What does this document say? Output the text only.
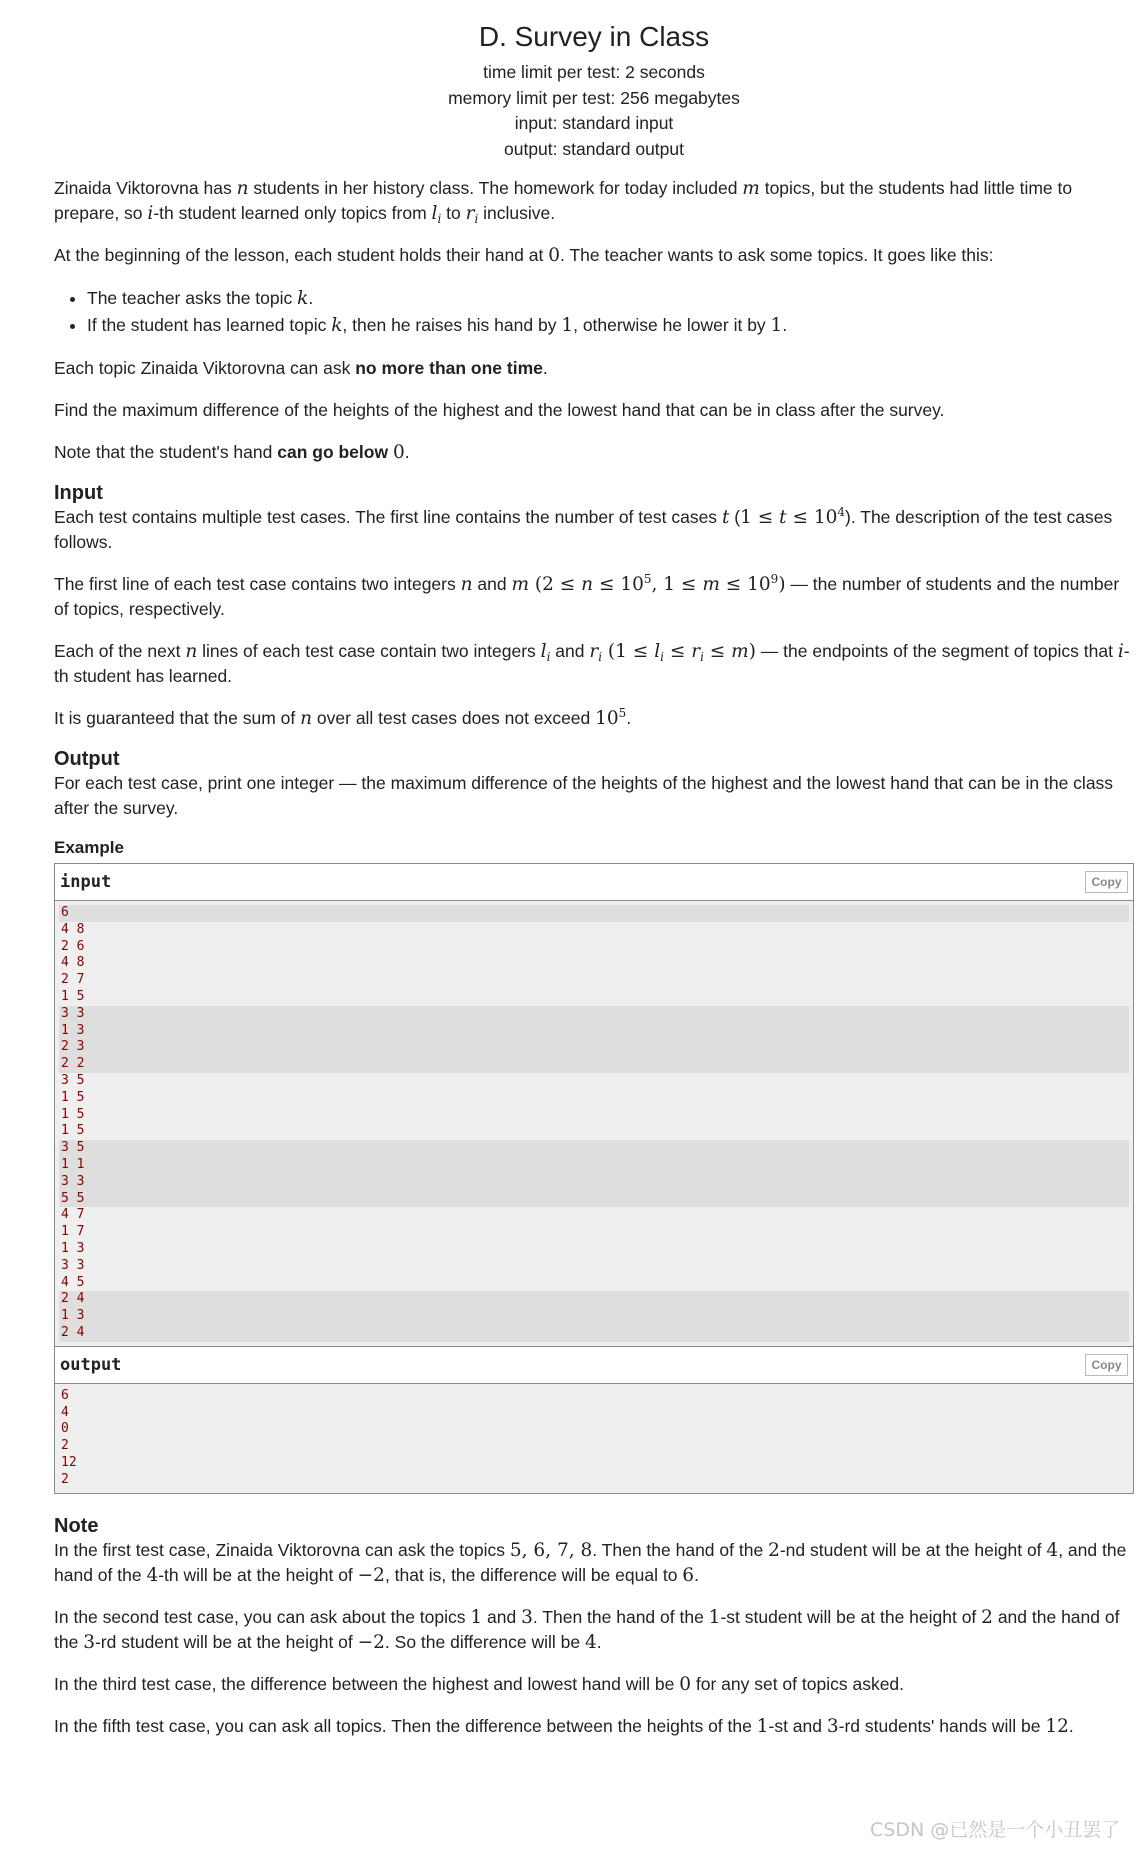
D. Survey in Class
time limit per test: 2 seconds
memory limit per test: 256 megabytes
input: standard input
output: standard output

Zinaida Viktorovna has n students in her history class. The homework for today included m topics, but the students had little time to prepare, so i-th student learned only topics from $l_i$ to $r_i$ inclusive.

At the beginning of the lesson, each student holds their hand at 0. The teacher wants to ask some topics. It goes like this:

• The teacher asks the topic k.
• If the student has learned topic k, then he raises his hand by 1, otherwise he lower it by 1.

Each topic Zinaida Viktorovna can ask no more than one time.

Find the maximum difference of the heights of the highest and the lowest hand that can be in class after the survey.

Note that the student's hand can go below 0.

Input

Each test contains multiple test cases. The first line contains the number of test cases t $(1 \le t \le 10^4)$. The description of the test cases follows.

The first line of each test case contains two integers n and m ($2 \le n \le 10^5$, $1 \le m \le 10^9$) — the number of students and the number of topics, respectively.

Each of the next n lines of each test case contain two integers $l_i$ and $r_i$ $(1 \le l_i \le r_i \le m)$ — the endpoints of the segment of topics that i-th student has learned.

It is guaranteed that the sum of n over all test cases does not exceed $10^5$.

Output

For each test case, print one integer — the maximum difference of the heights of the highest and the lowest hand that can be in the class after the survey.

Example
input	Copy
6
4 8
2 6
4 8
2 7
1 5
3 3
1 3
2 3
2 2
3 5
1 5
1 5
1 5
3 5
1 1
3 3
5 5
4 7
1 7
1 3
3 3
4 5
2 4
1 3
2 4
output	Copy
6
4
0
2
12
2
Note

In the first test case, Zinaida Viktorovna can ask the topics 5, 6, 7, 8. Then the hand of the 2-nd student will be at the height of 4, and the hand of the 4-th will be at the height of −2, that is, the difference will be equal to 6.

In the second test case, you can ask about the topics 1 and 3. Then the hand of the 1-st student will be at the height of 2 and the hand of the 3-rd student will be at the height of −2. So the difference will be 4.

In the third test case, the difference between the highest and lowest hand will be 0 for any set of topics asked.

In the fifth test case, you can ask all topics. Then the difference between the heights of the 1-st and 3-rd students' hands will be 12.

CSDN @已然是一个小丑罢了
